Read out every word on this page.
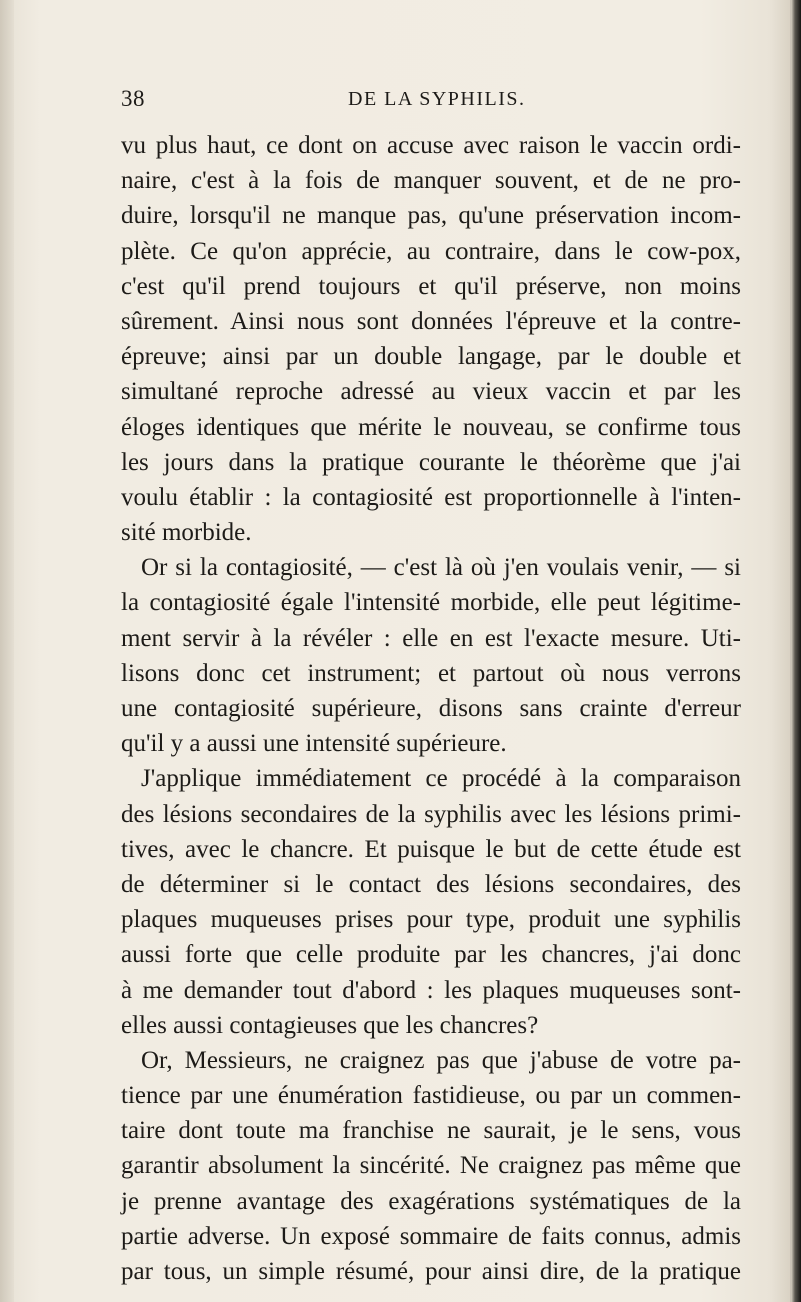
38	DE LA SYPHILIS.
vu plus haut, ce dont on accuse avec raison le vaccin ordi-
naire, c'est à la fois de manquer souvent, et de ne pro-
duire, lorsqu'il ne manque pas, qu'une préservation incom-
plète. Ce qu'on apprécie, au contraire, dans le cow-pox,
c'est qu'il prend toujours et qu'il préserve, non moins
sûrement. Ainsi nous sont données l'épreuve et la contre-
épreuve; ainsi par un double langage, par le double et
simultané reproche adressé au vieux vaccin et par les
éloges identiques que mérite le nouveau, se confirme tous
les jours dans la pratique courante le théorème que j'ai
voulu établir : la contagiosité est proportionnelle à l'inten-
sité morbide.
Or si la contagiosité, — c'est là où j'en voulais venir, — si
la contagiosité égale l'intensité morbide, elle peut légitime-
ment servir à la révéler : elle en est l'exacte mesure. Uti-
lisons donc cet instrument; et partout où nous verrons
une contagiosité supérieure, disons sans crainte d'erreur
qu'il y a aussi une intensité supérieure.
J'applique immédiatement ce procédé à la comparaison
des lésions secondaires de la syphilis avec les lésions primi-
tives, avec le chancre. Et puisque le but de cette étude est
de déterminer si le contact des lésions secondaires, des
plaques muqueuses prises pour type, produit une syphilis
aussi forte que celle produite par les chancres, j'ai donc
à me demander tout d'abord : les plaques muqueuses sont-
elles aussi contagieuses que les chancres?
Or, Messieurs, ne craignez pas que j'abuse de votre pa-
tience par une énumération fastidieuse, ou par un commen-
taire dont toute ma franchise ne saurait, je le sens, vous
garantir absolument la sincérité. Ne craignez pas même que
je prenne avantage des exagérations systématiques de la
partie adverse. Un exposé sommaire de faits connus, admis
par tous, un simple résumé, pour ainsi dire, de la pratique
